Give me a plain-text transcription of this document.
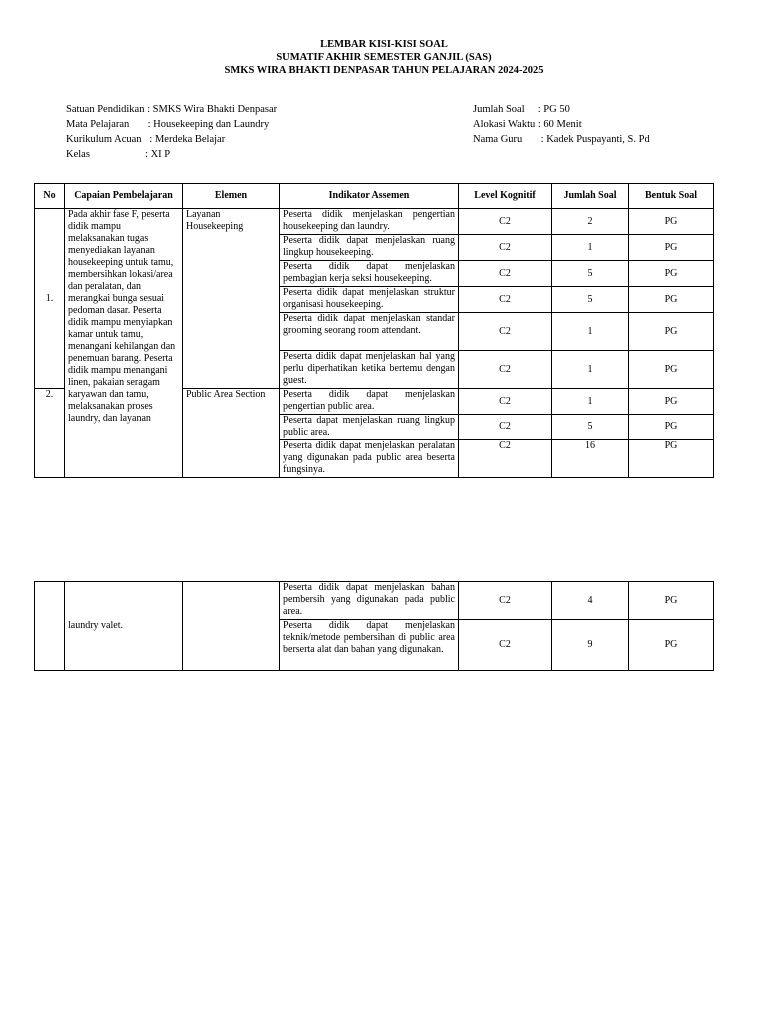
LEMBAR KISI-KISI SOAL
SUMATIF AKHIR SEMESTER GANJIL (SAS)
SMKS WIRA BHAKTI DENPASAR TAHUN PELAJARAN 2024-2025
Satuan Pendidikan : SMKS Wira Bhakti Denpasar
Mata Pelajaran       : Housekeeping dan Laundry
Kurikulum Acuan   : Merdeka Belajar
Kelas                     : XI P
Jumlah Soal     : PG 50
Alokasi Waktu : 60 Menit
Nama Guru       : Kadek Puspayanti, S. Pd
No	Capaian Pembelajaran	Elemen	Indikator Assemen	Level Kognitif	Jumlah Soal	Bentuk Soal
1.	Pada akhir fase F, peserta didik mampu melaksanakan tugas menyediakan layanan housekeeping untuk tamu, membersihkan lokasi/area dan peralatan, dan merangkai bunga sesuai pedoman dasar. Peserta didik mampu menyiapkan kamar untuk tamu, menangani kehilangan dan penemuan barang. Peserta didik mampu menangani linen, pakaian seragam karyawan dan tamu, melaksanakan proses laundry, dan layanan	Layanan Housekeeping	Peserta didik menjelaskan pengertian housekeeping dan laundry.	C2	2	PG
			Peserta didik dapat menjelaskan ruang lingkup housekeeping.	C2	1	PG
			Peserta didik dapat menjelaskan pembagian kerja seksi housekeeping.	C2	5	PG
			Peserta didik dapat menjelaskan struktur organisasi housekeeping.	C2	5	PG
			Peserta didik dapat menjelaskan standar grooming seorang room attendant.	C2	1	PG
			Peserta didik dapat menjelaskan hal yang perlu diperhatikan ketika bertemu dengan guest.	C2	1	PG
2.		Public Area Section	Peserta didik dapat menjelaskan pengertian public area.	C2	1	PG
			Peserta dapat menjelaskan ruang lingkup public area.	C2	5	PG
			Peserta didik dapat menjelaskan peralatan yang digunakan pada public area beserta fungsinya.	C2	16	PG
	laundry valet.		Peserta didik dapat menjelaskan bahan pembersih yang digunakan pada public area.	C2	4	PG
			Peserta didik dapat menjelaskan teknik/metode pembersihan di public area berserta alat dan bahan yang digunakan.	C2	9	PG
